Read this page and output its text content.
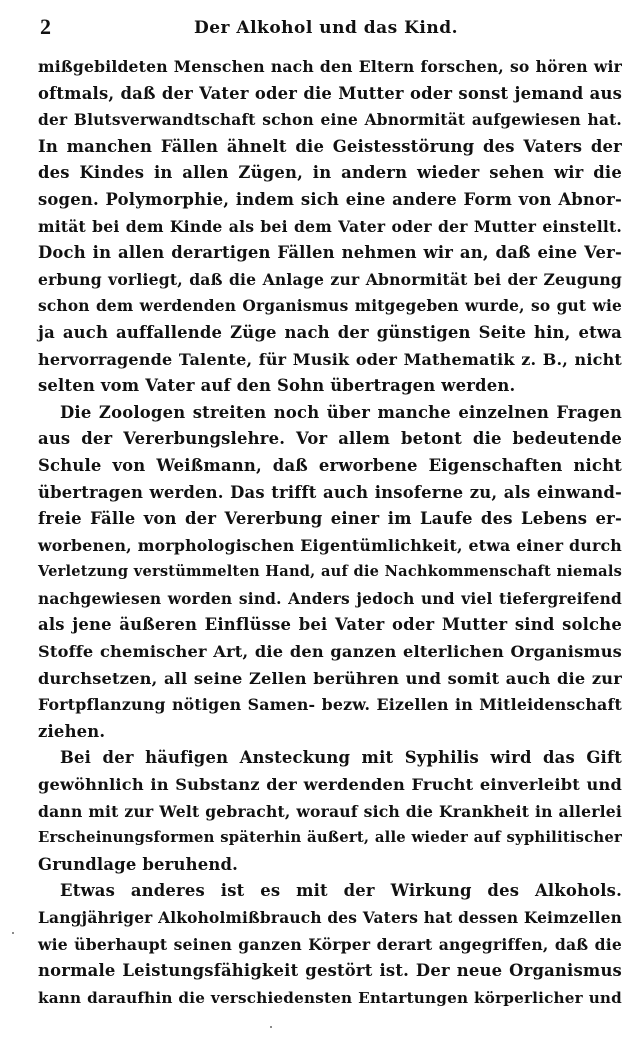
2	Der Alkohol und das Kind.
mißgebildeten Menschen nach den Eltern forschen, so hören wir
oftmals, daß der Vater oder die Mutter oder sonst jemand aus
der Blutsverwandtschaft schon eine Abnormität aufgewiesen hat.
In manchen Fällen ähnelt die Geistesstörung des Vaters der
des Kindes in allen Zügen, in andern wieder sehen wir die
sogen. Polymorphie, indem sich eine andere Form von Abnor-
mität bei dem Kinde als bei dem Vater oder der Mutter einstellt.
Doch in allen derartigen Fällen nehmen wir an, daß eine Ver-
erbung vorliegt, daß die Anlage zur Abnormität bei der Zeugung
schon dem werdenden Organismus mitgegeben wurde, so gut wie
ja auch auffallende Züge nach der günstigen Seite hin, etwa
hervorragende Talente, für Musik oder Mathematik z. B., nicht
selten vom Vater auf den Sohn übertragen werden.
Die Zoologen streiten noch über manche einzelnen Fragen
aus der Vererbungslehre. Vor allem betont die bedeutende
Schule von Weißmann, daß erworbene Eigenschaften nicht
übertragen werden. Das trifft auch insoferne zu, als einwand-
freie Fälle von der Vererbung einer im Laufe des Lebens er-
worbenen, morphologischen Eigentümlichkeit, etwa einer durch
Verletzung verstümmelten Hand, auf die Nachkommenschaft niemals
nachgewiesen worden sind. Anders jedoch und viel tiefergreifend
als jene äußeren Einflüsse bei Vater oder Mutter sind solche
Stoffe chemischer Art, die den ganzen elterlichen Organismus
durchsetzen, all seine Zellen berühren und somit auch die zur
Fortpflanzung nötigen Samen- bezw. Eizellen in Mitleidenschaft
ziehen.
Bei der häufigen Ansteckung mit Syphilis wird das Gift
gewöhnlich in Substanz der werdenden Frucht einverleibt und
dann mit zur Welt gebracht, worauf sich die Krankheit in allerlei
Erscheinungsformen späterhin äußert, alle wieder auf syphilitischer
Grundlage beruhend.
Etwas anderes ist es mit der Wirkung des Alkohols.
Langjähriger Alkoholmißbrauch des Vaters hat dessen Keimzellen
wie überhaupt seinen ganzen Körper derart angegriffen, daß die
normale Leistungsfähigkeit gestört ist. Der neue Organismus
kann daraufhin die verschiedensten Entartungen körperlicher und
